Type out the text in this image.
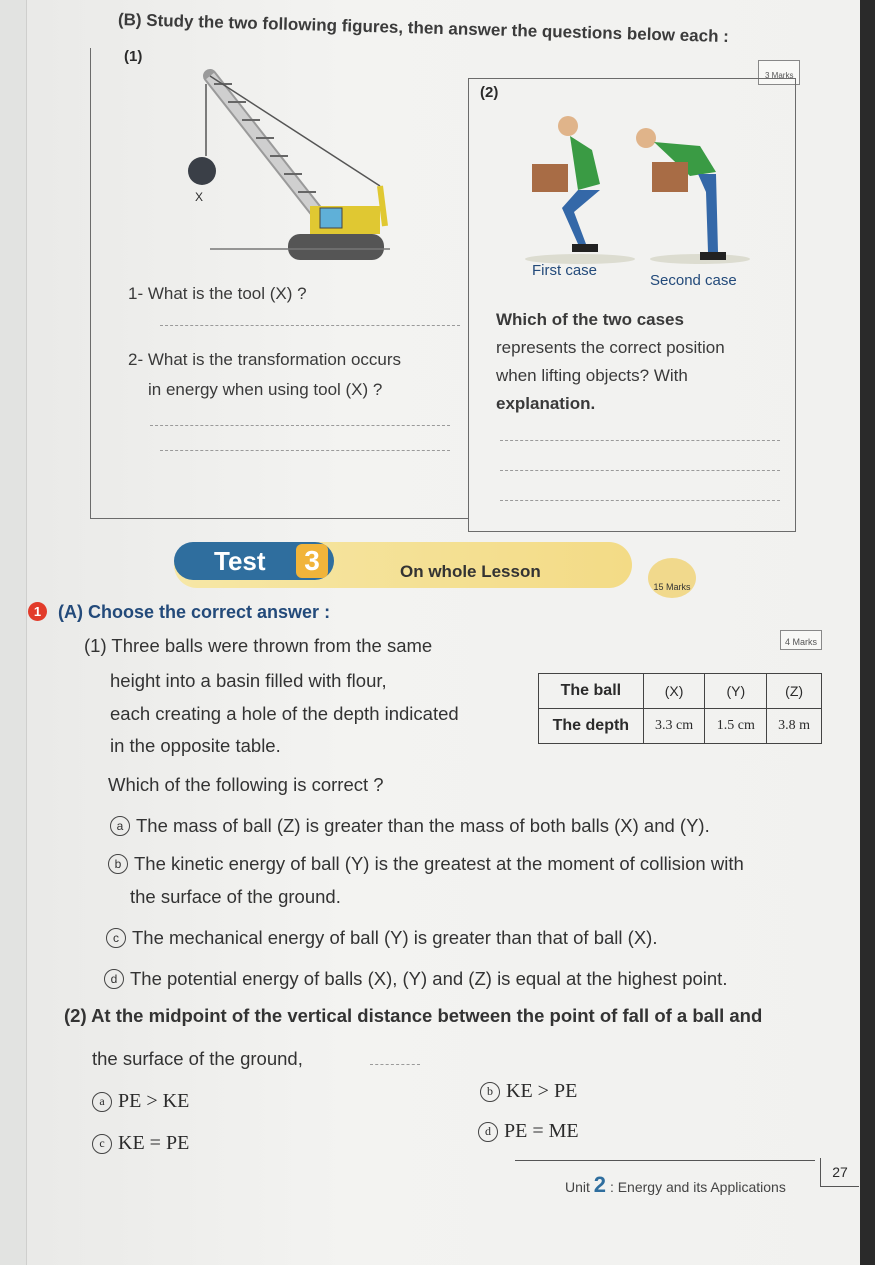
(B) Study the two following figures, then answer the questions below each :
3 Marks
(1)
(2)
X
First case
Second case
1- What is the tool (X) ?
2- What is the transformation occurs
in energy when using tool (X) ?
Which of the two cases
represents the correct position
when lifting objects? With
explanation.
Test	3	On whole Lesson
15 Marks
1 (A) Choose the correct answer :
4 Marks
(1) Three balls were thrown from the same
height into a basin filled with flour,
each creating a hole of the depth indicated
in the opposite table.
The ball	(X)	(Y)	(Z)
The depth	3.3 cm	1.5 cm	3.8 m
Which of the following is correct ?
a The mass of ball (Z) is greater than the mass of both balls (X) and (Y).
b The kinetic energy of ball (Y) is the greatest at the moment of collision with
the surface of the ground.
c The mechanical energy of ball (Y) is greater than that of ball (X).
d The potential energy of balls (X), (Y) and (Z) is equal at the highest point.
(2) At the midpoint of the vertical distance between the point of fall of a ball and
the surface of the ground,
a PE > KE	b KE > PE
c KE = PE
d PE = ME
Unit 2 : Energy and its Applications
27
